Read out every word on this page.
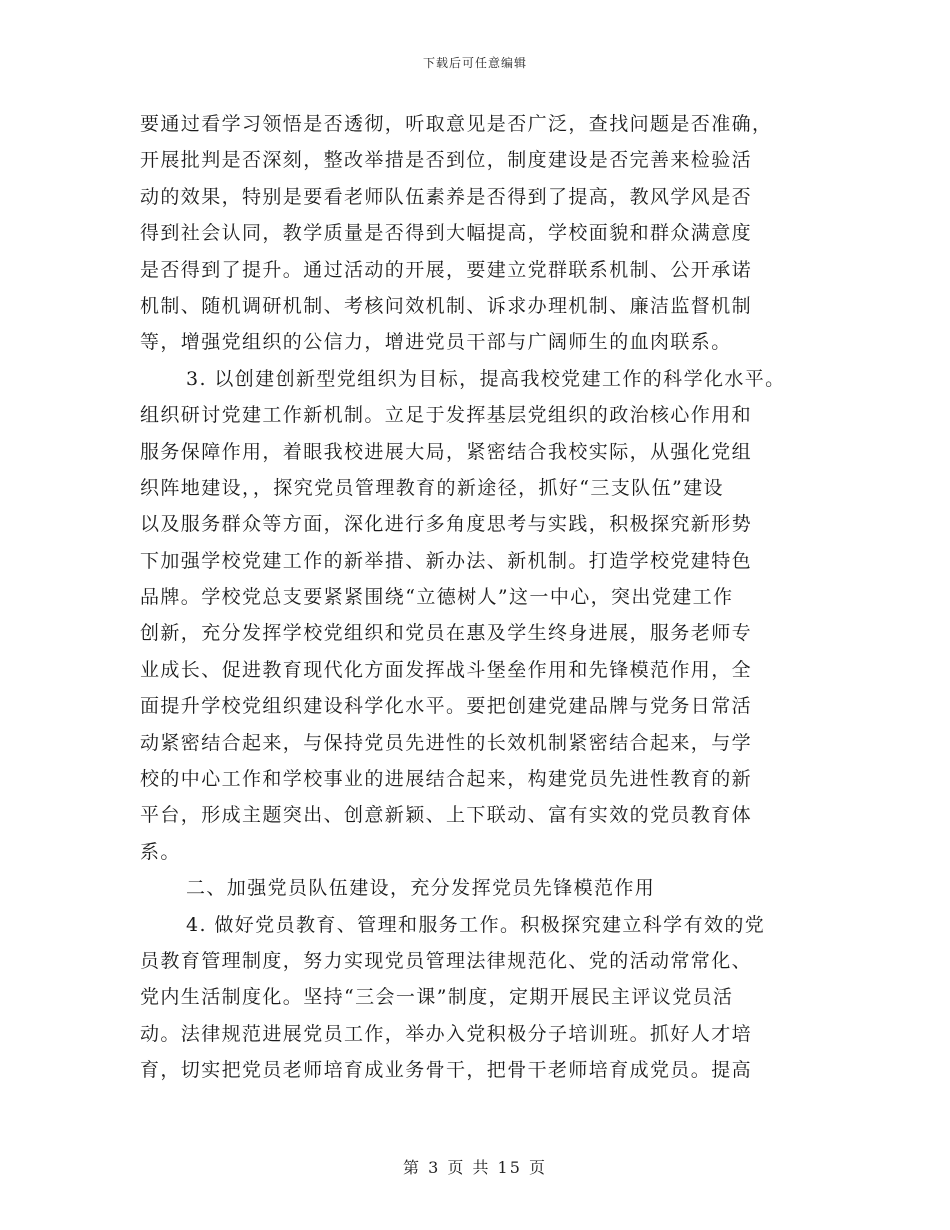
下载后可任意编辑
要通过看学习领悟是否透彻，听取意见是否广泛，查找问题是否准确，
开展批判是否深刻，整改举措是否到位，制度建设是否完善来检验活
动的效果，特别是要看老师队伍素养是否得到了提高，教风学风是否
得到社会认同，教学质量是否得到大幅提高，学校面貌和群众满意度
是否得到了提升。通过活动的开展，要建立党群联系机制、公开承诺
机制、随机调研机制、考核问效机制、诉求办理机制、廉洁监督机制
等，增强党组织的公信力，增进党员干部与广阔师生的血肉联系。
3. 以创建创新型党组织为目标，提高我校党建工作的科学化水平。
组织研讨党建工作新机制。立足于发挥基层党组织的政治核心作用和
服务保障作用，着眼我校进展大局，紧密结合我校实际，从强化党组
织阵地建设，，探究党员管理教育的新途径，抓好“三支队伍”建设
以及服务群众等方面，深化进行多角度思考与实践，积极探究新形势
下加强学校党建工作的新举措、新办法、新机制。打造学校党建特色
品牌。学校党总支要紧紧围绕“立德树人”这一中心，突出党建工作
创新，充分发挥学校党组织和党员在惠及学生终身进展，服务老师专
业成长、促进教育现代化方面发挥战斗堡垒作用和先锋模范作用，全
面提升学校党组织建设科学化水平。要把创建党建品牌与党务日常活
动紧密结合起来，与保持党员先进性的长效机制紧密结合起来，与学
校的中心工作和学校事业的进展结合起来，构建党员先进性教育的新
平台，形成主题突出、创意新颖、上下联动、富有实效的党员教育体
系。
二、加强党员队伍建设，充分发挥党员先锋模范作用
4. 做好党员教育、管理和服务工作。积极探究建立科学有效的党
员教育管理制度，努力实现党员管理法律规范化、党的活动常常化、
党内生活制度化。坚持“三会一课”制度，定期开展民主评议党员活
动。法律规范进展党员工作，举办入党积极分子培训班。抓好人才培
育，切实把党员老师培育成业务骨干，把骨干老师培育成党员。提高
第 3 页 共 15 页
